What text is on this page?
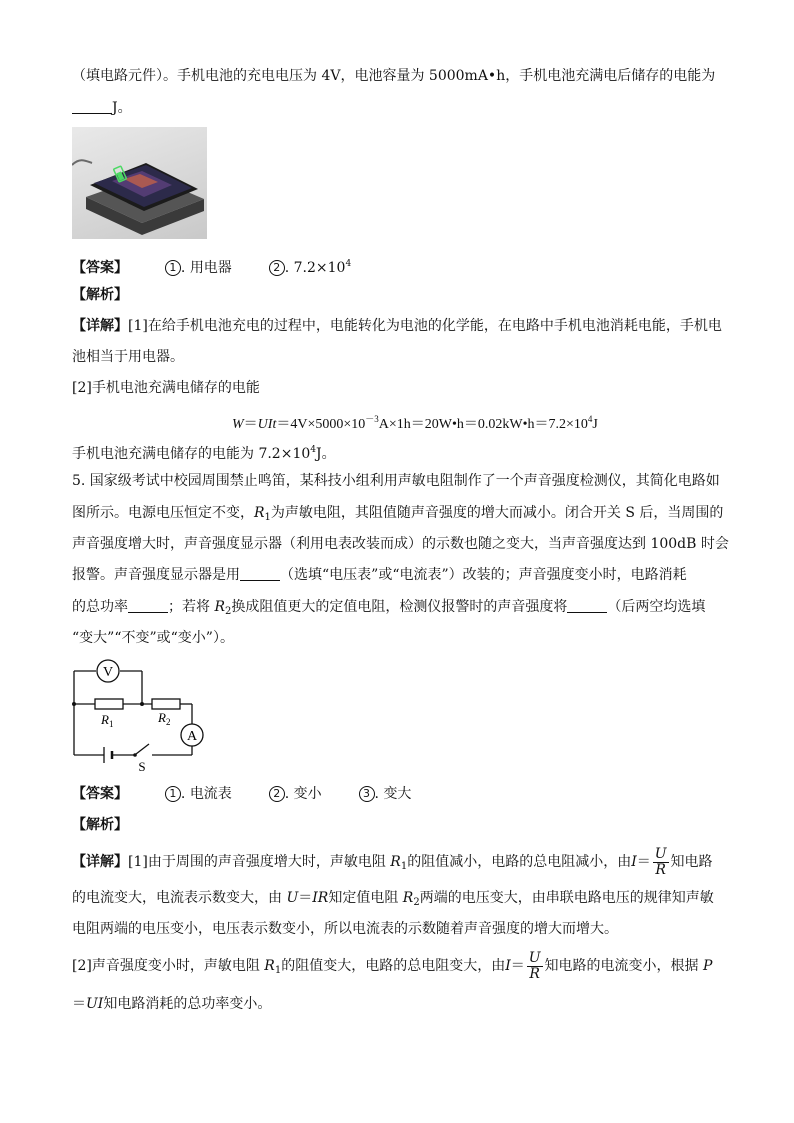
（填电路元件）。手机电池的充电电压为 4V，电池容量为 5000mA•h，手机电池充满电后储存的电能为
J。
【答案】	1 . 用电器	2 . $7.2\times 10^4$
【解析】
【详解】[1]在给手机电池充电的过程中，电能转化为电池的化学能，在电路中手机电池消耗电能，手机电
池相当于用电器。
[2]手机电池充满电储存的电能
$W=UIt=4V\times 5000\times 10^{-3}A\times 1h=20W•h=0.02kW•h=7.2\times 10^4J$
手机电池充满电储存的电能为 $7.2\times 10^4J$。
5. 国家级考试中校园周围禁止鸣笛，某科技小组利用声敏电阻制作了一个声音强度检测仪，其简化电路如
图所示。电源电压恒定不变，$R_1$为声敏电阻，其阻值随声音强度的增大而减小。闭合开关 S 后，当周围的
声音强度增大时，声音强度显示器（利用电表改装而成）的示数也随之变大，当声音强度达到 100dB 时会
报警。声音强度显示器是用	（选填“电压表”或“电流表”）改装的；声音强度变小时，电路消耗
的总功率	；若将 $R_2$换成阻值更大的定值电阻，检测仪报警时的声音强度将	（后两空均选填
“变大”“不变”或“变小”）。
V
$R_1$	$R_2$
A
S
【答案】	1 . 电流表	2 . 变小	3 . 变大
【解析】
【详解】[1]由于周围的声音强度增大时，声敏电阻 $R_1$的阻值减小，电路的总电阻减小，由$I= \frac{U}{R}$ 知电路
的电流变大，电流表示数变大，由 U＝IR知定值电阻 $R_2$两端的电压变大，由串联电路电压的规律知声敏
电阻两端的电压变小，电压表示数变小，所以电流表的示数随着声音强度的增大而增大。
[2]声音强度变小时，声敏电阻 $R_1$的阻值变大，电路的总电阻变大，由$I= \frac{U}{R}$ 知电路的电流变小，根据 P
＝UI知电路消耗的总功率变小。
